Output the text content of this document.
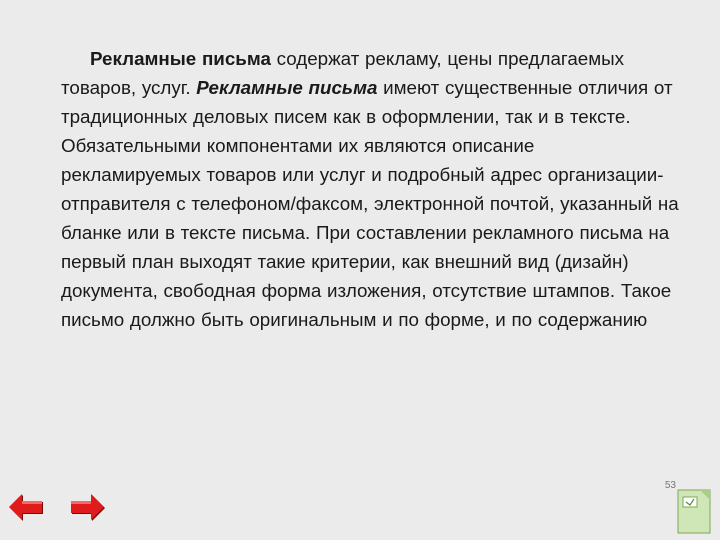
Рекламные письма содержат рекламу, цены предлагаемых товаров, услуг. Рекламные письма имеют существенные отличия от традиционных деловых писем как в оформлении, так и в тексте. Обязательными компонентами их являются описание рекламируемых товаров или услуг и подробный адрес организации-отправителя с телефоном/факсом, электронной почтой, указанный на бланке или в тексте письма. При составлении рекламного письма на первый план выходят такие критерии, как внешний вид (дизайн) документа, свободная форма изложения, отсутствие штампов. Такое письмо должно быть оригинальным и по форме, и по содержанию

53
